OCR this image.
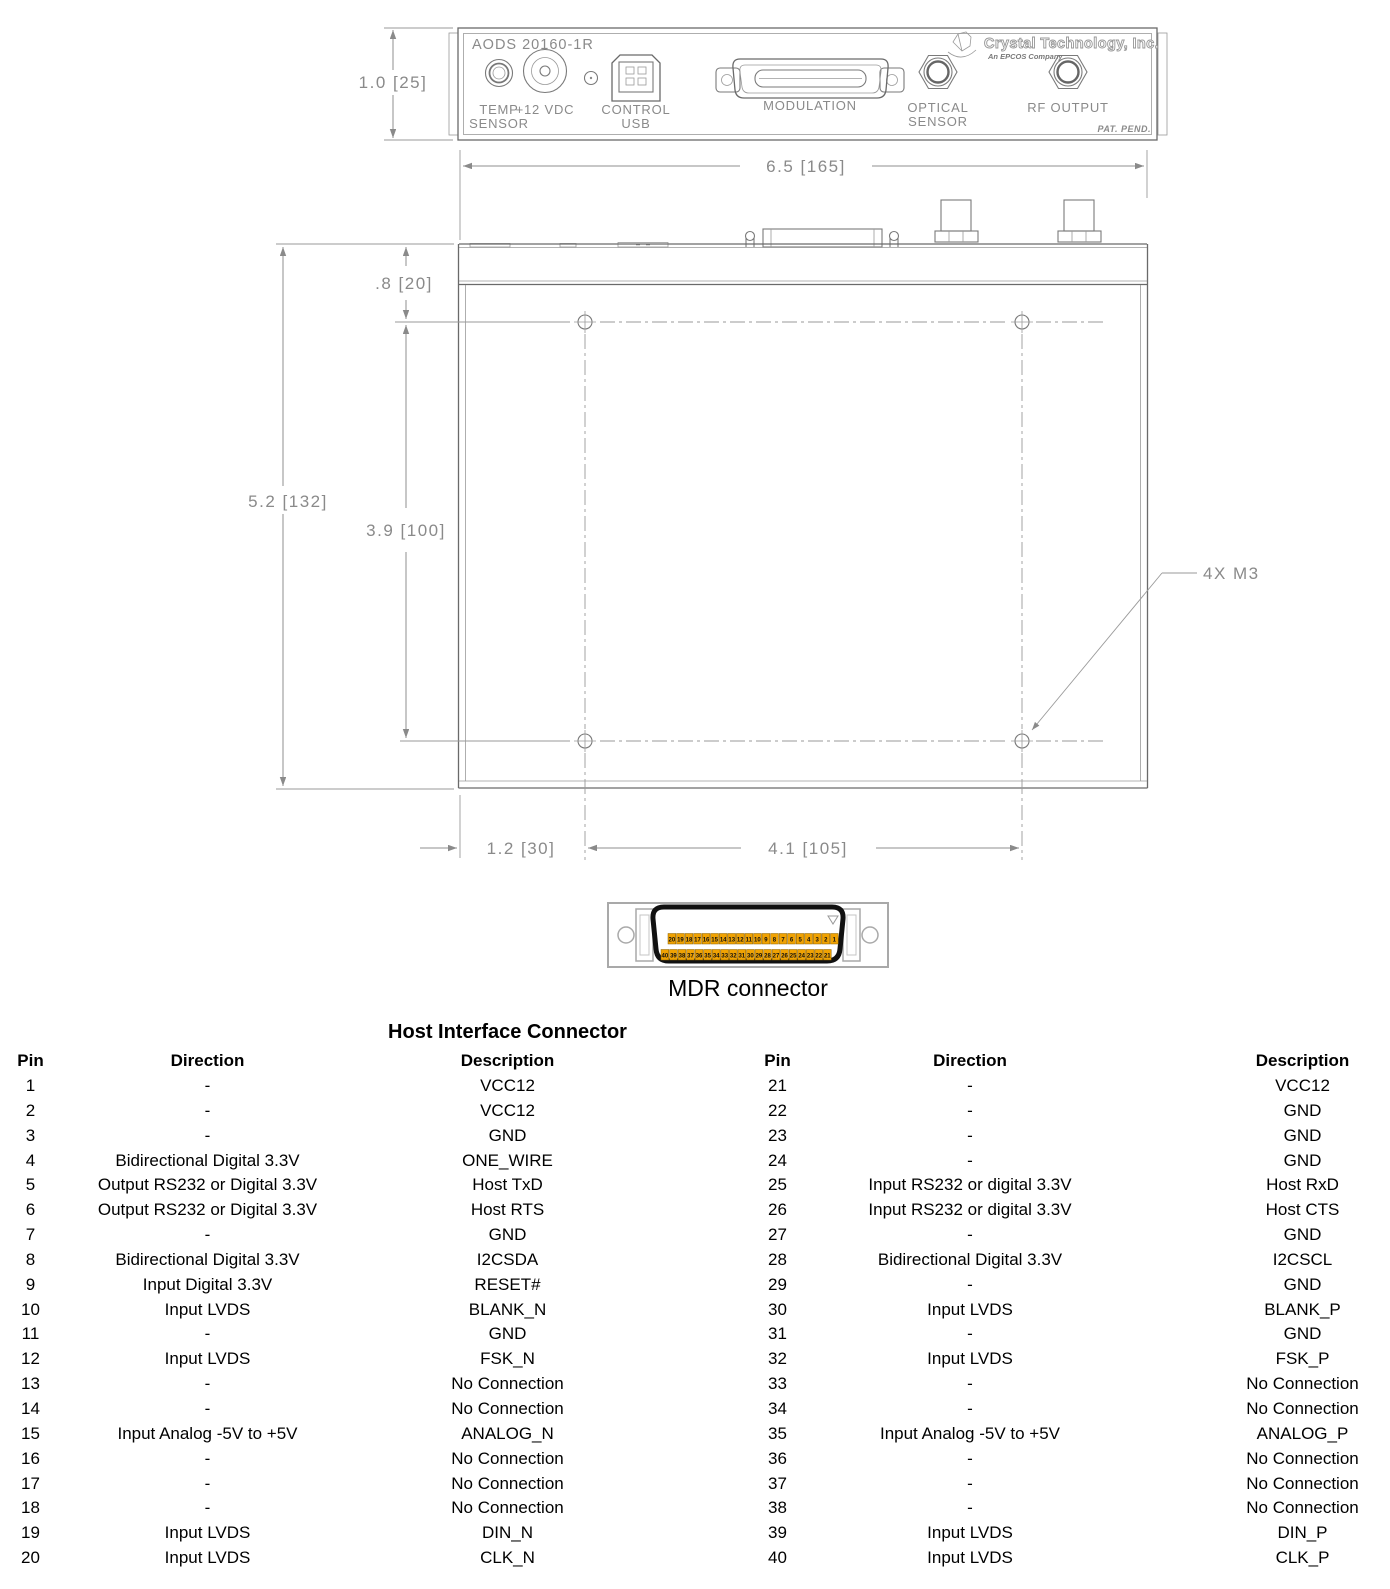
AODS 20160-1R
TEMP
SENSOR
+12 VDC CONTROL
USB
MODULATION	OPTICAL
SENSOR
RF OUTPUT
Crystal Technology, Inc.
An EPCOS Company
PAT. PEND.
1.0 [25]
6.5 [165]
4X M3
5.2 [132]
.8 [20]
3.9 [100]
1.2 [30]	4.1 [105]
20 19 18 17 16 15 14 13 12 11 10 9 8 7 6 5 4 3 2 1
40 39 38 37 36 35 34 33 32 31 30 29 28 27 26 25 24 23 22 21
MDR connector
Host Interface Connector
Pin	Direction	Description
1	-	VCC12
2	-	VCC12
3	-	GND
4	Bidirectional Digital 3.3V	ONE_WIRE
5	Output RS232 or Digital 3.3V	Host TxD
6	Output RS232 or Digital 3.3V	Host RTS
7	-	GND
8	Bidirectional Digital 3.3V	I2CSDA
9	Input Digital 3.3V	RESET#
10	Input LVDS	BLANK_N
11	-	GND
12	Input LVDS	FSK_N
13	-	No Connection
14	-	No Connection
15	Input Analog -5V to +5V	ANALOG_N
16	-	No Connection
17	-	No Connection
18	-	No Connection
19	Input LVDS	DIN_N
20	Input LVDS	CLK_N
Pin	Direction	Description
21	-	VCC12
22	-	GND
23	-	GND
24	-	GND
25	Input RS232 or digital 3.3V	Host RxD
26	Input RS232 or digital 3.3V	Host CTS
27	-	GND
28	Bidirectional Digital 3.3V	I2CSCL
29	-	GND
30	Input LVDS	BLANK_P
31	-	GND
32	Input LVDS	FSK_P
33	-	No Connection
34	-	No Connection
35	Input Analog -5V to +5V	ANALOG_P
36	-	No Connection
37	-	No Connection
38	-	No Connection
39	Input LVDS	DIN_P
40	Input LVDS	CLK_P
